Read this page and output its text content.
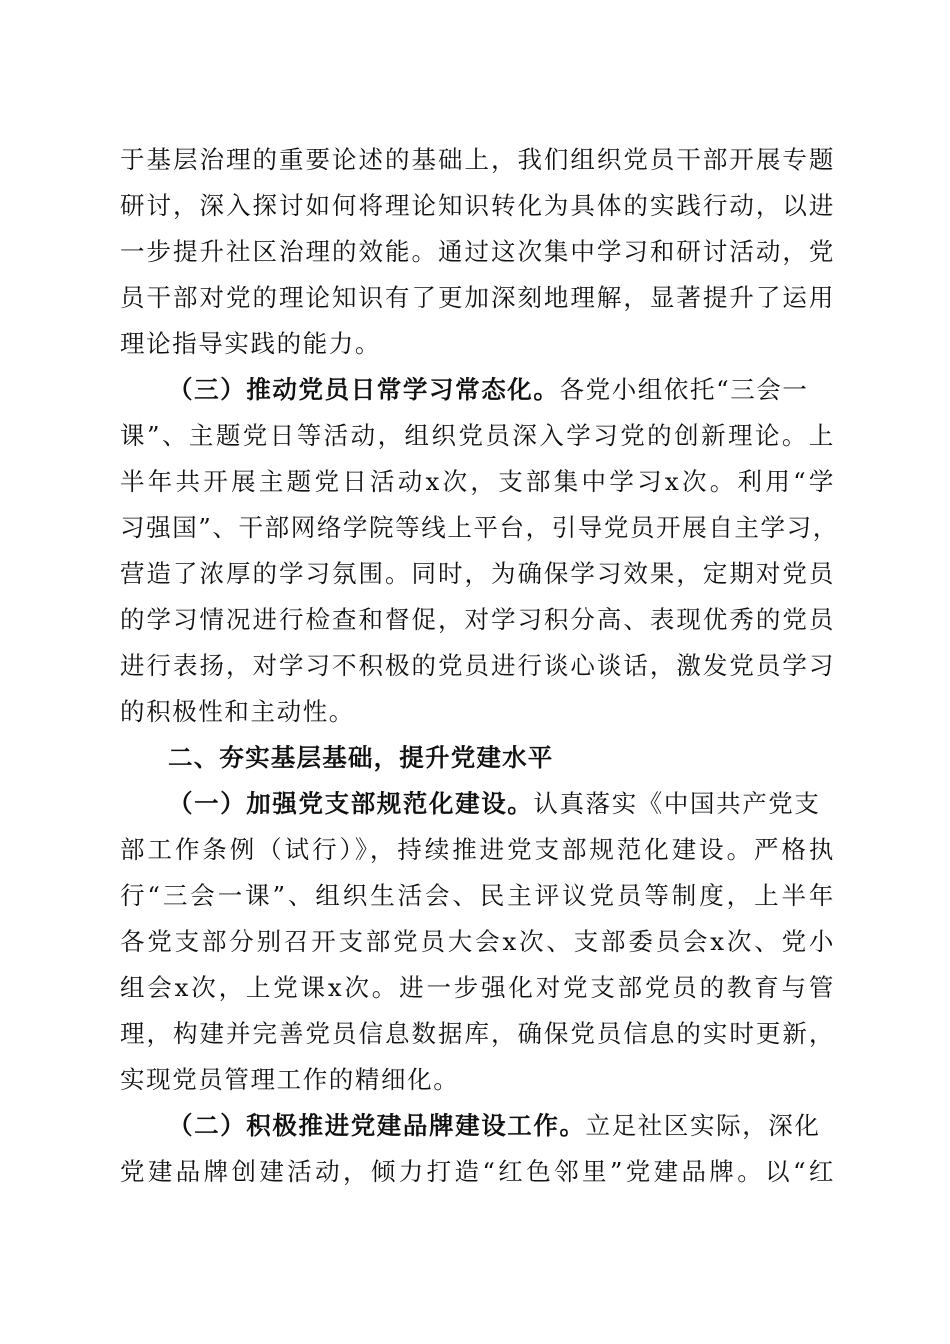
于基层治理的重要论述的基础上，我们组织党员干部开展专题

研讨，深入探讨如何将理论知识转化为具体的实践行动，以进

一步提升社区治理的效能。通过这次集中学习和研讨活动，党

员干部对党的理论知识有了更加深刻地理解，显著提升了运用

理论指导实践的能力。

（三）推动党员日常学习常态化。各党小组依托“三会一

课”、主题党日等活动，组织党员深入学习党的创新理论。上

半年共开展主题党日活动x次，支部集中学习x次。利用“学

习强国”、干部网络学院等线上平台，引导党员开展自主学习，

营造了浓厚的学习氛围。同时，为确保学习效果，定期对党员

的学习情况进行检查和督促，对学习积分高、表现优秀的党员

进行表扬，对学习不积极的党员进行谈心谈话，激发党员学习

的积极性和主动性。

二、夯实基层基础，提升党建水平

（一）加强党支部规范化建设。认真落实《中国共产党支

部工作条例（试行）》，持续推进党支部规范化建设。严格执

行“三会一课”、组织生活会、民主评议党员等制度，上半年

各党支部分别召开支部党员大会x次、支部委员会x次、党小

组会x次，上党课x次。进一步强化对党支部党员的教育与管

理，构建并完善党员信息数据库，确保党员信息的实时更新，

实现党员管理工作的精细化。

（二）积极推进党建品牌建设工作。立足社区实际，深化

党建品牌创建活动，倾力打造“红色邻里”党建品牌。以“红
